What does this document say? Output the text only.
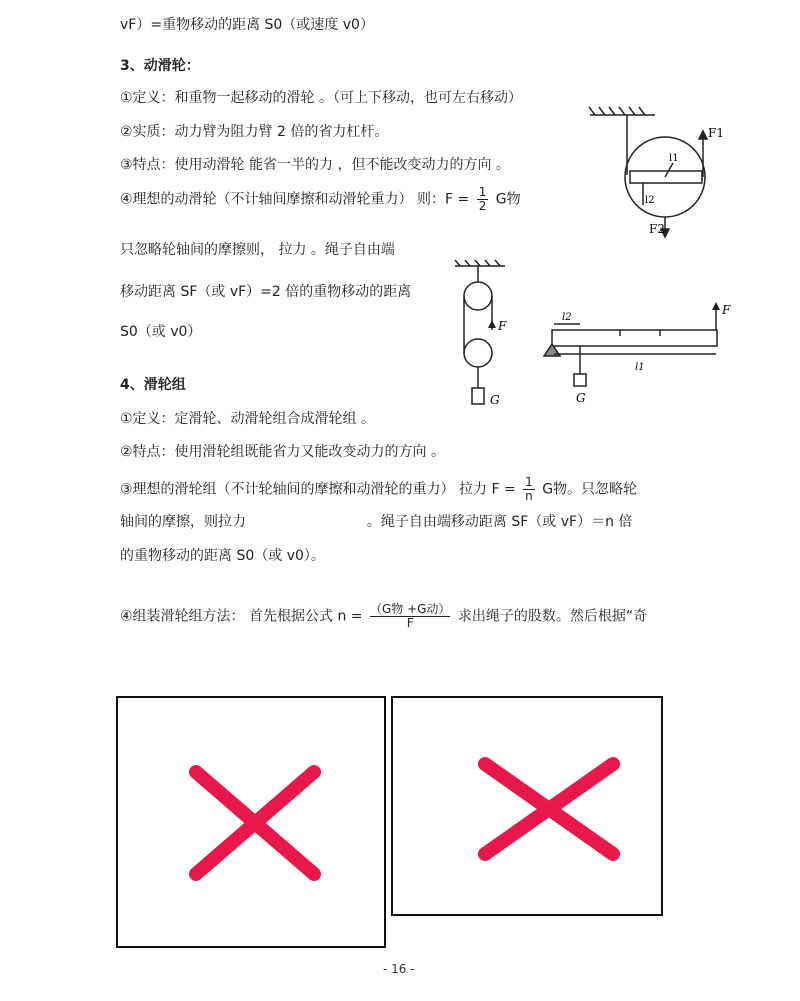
vF）=重物移动的距离 S0（或速度 v0）
3、动滑轮：
①定义：和重物一起移动的滑轮 。（可上下移动，也可左右移动）
②实质：动力臂为阻力臂 2 倍的省力杠杆。
③特点：使用动滑轮 能省一半的力 ，但不能改变动力的方向 。
④理想的动滑轮（不计轴间摩擦和动滑轮重力） 则：$F = \frac{1}{2}$ G物
只忽略轮轴间的摩擦则， 拉力 。绳子自由端
移动距离 SF（或 vF）=2 倍的重物移动的距离
S0（或 v0）
4、滑轮组
①定义：定滑轮、动滑轮组合成滑轮组 。
②特点：使用滑轮组既能省力又能改变动力的方向 。
③理想的滑轮组（不计轮轴间的摩擦和动滑轮的重力） 拉力 $F = \frac{1}{n}$ G物。只忽略轮
轴间的摩擦，则拉力	。绳子自由端移动距离 SF（或 vF）＝n 倍
的重物移动的距离 S0（或 v0）。
④组装滑轮组方法： 首先根据公式 $n = \frac{\text{（G物 +G动）}}{F}$ 求出绳子的股数。然后根据“奇
F1
F2
l1
l2
F
G
F
G
l2
l1
- 16 -
